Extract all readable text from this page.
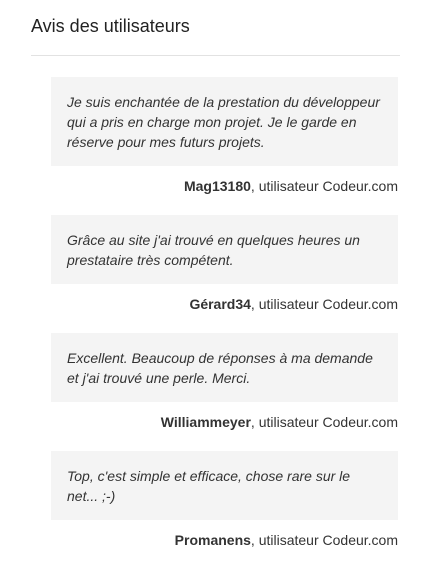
Avis des utilisateurs
Je suis enchantée de la prestation du développeur qui a pris en charge mon projet. Je le garde en réserve pour mes futurs projets.
Mag13180, utilisateur Codeur.com
Grâce au site j'ai trouvé en quelques heures un prestataire très compétent.
Gérard34, utilisateur Codeur.com
Excellent. Beaucoup de réponses à ma demande et j'ai trouvé une perle. Merci.
Williammeyer, utilisateur Codeur.com
Top, c'est simple et efficace, chose rare sur le net... ;-)
Promanens, utilisateur Codeur.com
